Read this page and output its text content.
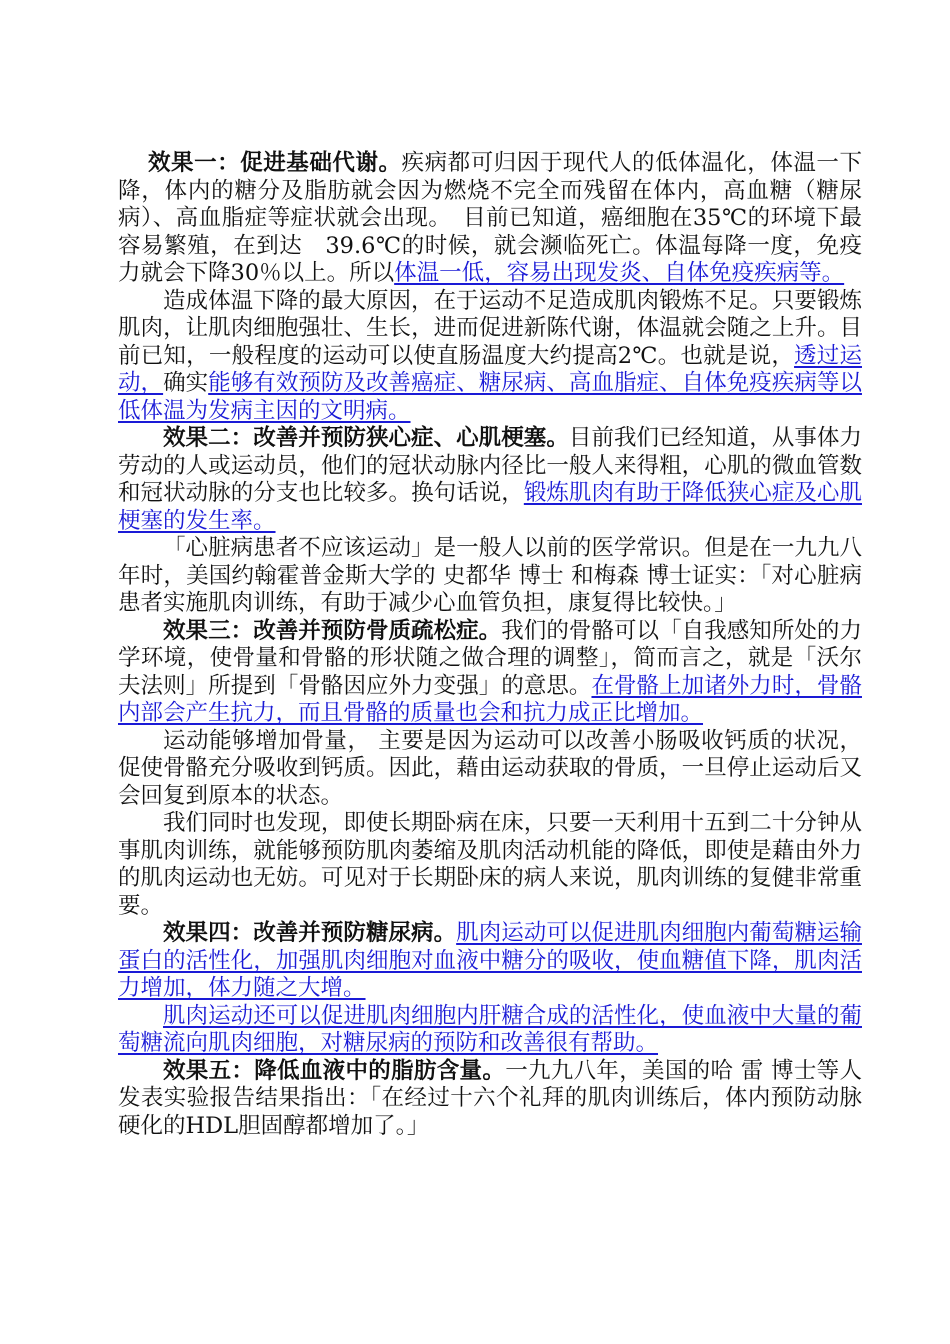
效果一：促进基础代谢。疾病都可归因于现代人的低体温化，体温一下降，体内的糖分及脂肪就会因为燃烧不完全而残留在体内，高血糖（糖尿病）、高血脂症等症状就会出现。　目前已知道，癌细胞在35℃的环境下最容易繁殖，在到达　39.6℃的时候，就会濒临死亡。体温每降一度，免疫力就会下降30％以上。所以体温一低，容易出现发炎、自体免疫疾病等。

造成体温下降的最大原因，在于运动不足造成肌肉锻炼不足。只要锻炼肌肉，让肌肉细胞强壮、生长，进而促进新陈代谢，体温就会随之上升。目前已知，一般程度的运动可以使直肠温度大约提高2℃。也就是说，透过运动，确实能够有效预防及改善癌症、糖尿病、高血脂症、自体免疫疾病等以低体温为发病主因的文明病。

效果二：改善并预防狭心症、心肌梗塞。目前我们已经知道，从事体力劳动的人或运动员，他们的冠状动脉内径比一般人来得粗，心肌的微血管数和冠状动脉的分支也比较多。换句话说，锻炼肌肉有助于降低狭心症及心肌梗塞的发生率。

「心脏病患者不应该运动」是一般人以前的医学常识。但是在一九九八年时，美国约翰霍普金斯大学的 史都华 博士 和梅森 博士证实：「对心脏病患者实施肌肉训练，有助于减少心血管负担，康复得比较快。」

效果三：改善并预防骨质疏松症。我们的骨骼可以「自我感知所处的力学环境，使骨量和骨骼的形状随之做合理的调整」，简而言之，就是「沃尔夫法则」所提到「骨骼因应外力变强」的意思。在骨骼上加诸外力时，骨骼内部会产生抗力，而且骨骼的质量也会和抗力成正比增加。

运动能够增加骨量， 主要是因为运动可以改善小肠吸收钙质的状况，促使骨骼充分吸收到钙质。因此，藉由运动获取的骨质，一旦停止运动后又会回复到原本的状态。

我们同时也发现，即使长期卧病在床，只要一天利用十五到二十分钟从事肌肉训练，就能够预防肌肉萎缩及肌肉活动机能的降低，即使是藉由外力的肌肉运动也无妨。可见对于长期卧床的病人来说，肌肉训练的复健非常重要。

效果四：改善并预防糖尿病。肌肉运动可以促进肌肉细胞内葡萄糖运输蛋白的活性化，加强肌肉细胞对血液中糖分的吸收，使血糖值下降，肌肉活力增加，体力随之大增。

肌肉运动还可以促进肌肉细胞内肝糖合成的活性化，使血液中大量的葡萄糖流向肌肉细胞，对糖尿病的预防和改善很有帮助。

效果五：降低血液中的脂肪含量。一九九八年，美国的哈 雷 博士等人发表实验报告结果指出：「在经过十六个礼拜的肌肉训练后，体内预防动脉硬化的HDL胆固醇都增加了。」
